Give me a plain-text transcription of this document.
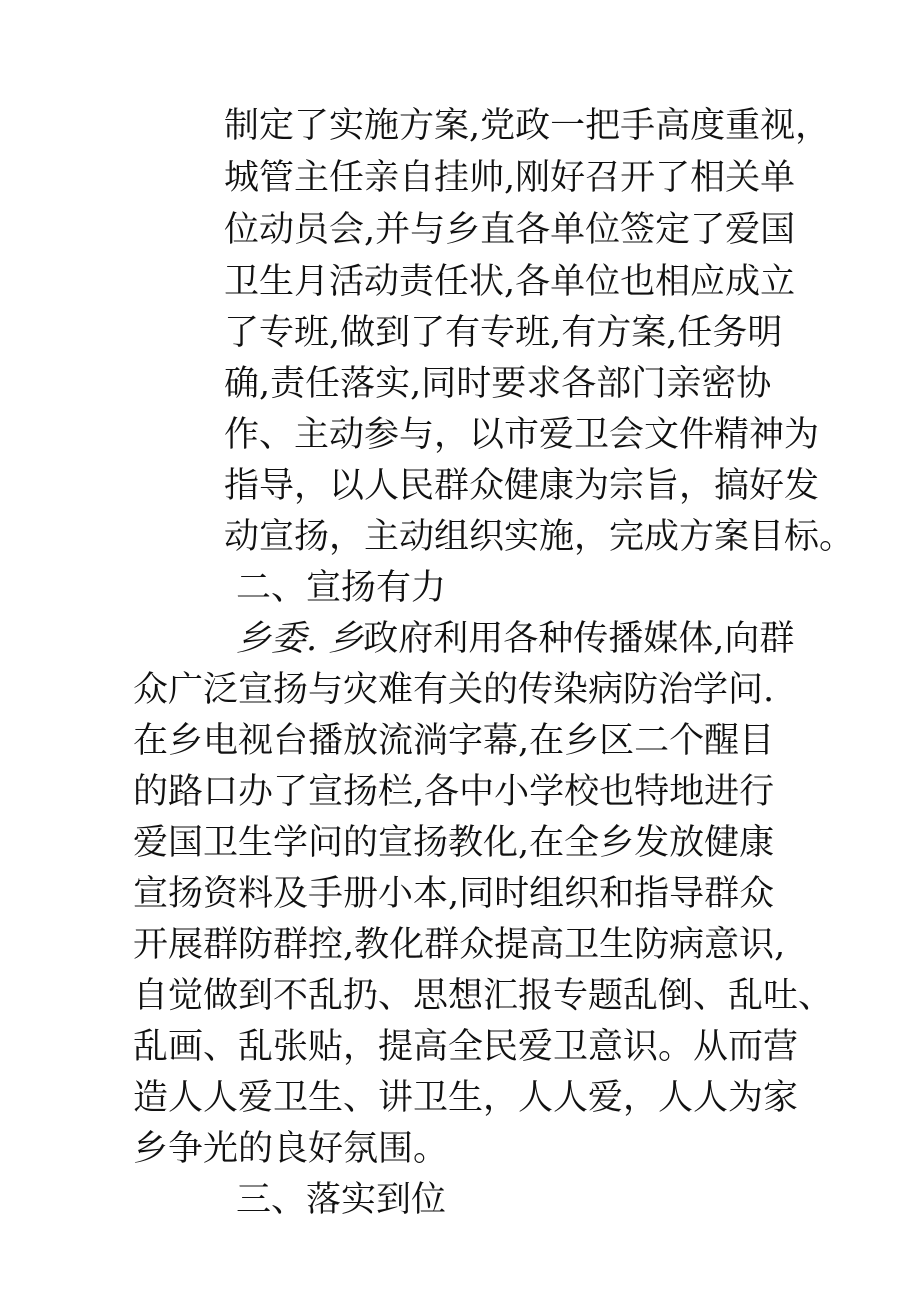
制定了实施方案,党政一把手高度重视，
城管主任亲自挂帅,刚好召开了相关单
位动员会,并与乡直各单位签定了爱国
卫生月活动责任状,各单位也相应成立
了专班,做到了有专班,有方案,任务明
确,责任落实,同时要求各部门亲密协
作、主动参与，以市爱卫会文件精神为
指导，以人民群众健康为宗旨，搞好发
动宣扬，主动组织实施，完成方案目标。
二、宣扬有力
乡委. 乡政府利用各种传播媒体,向群
众广泛宣扬与灾难有关的传染病防治学问.
在乡电视台播放流淌字幕,在乡区二个醒目
的路口办了宣扬栏,各中小学校也特地进行
爱国卫生学问的宣扬教化,在全乡发放健康
宣扬资料及手册小本,同时组织和指导群众
开展群防群控,教化群众提高卫生防病意识,
自觉做到不乱扔、思想汇报专题乱倒、乱吐、
乱画、乱张贴，提高全民爱卫意识。从而营
造人人爱卫生、讲卫生，人人爱，人人为家
乡争光的良好氛围。
三、落实到位
